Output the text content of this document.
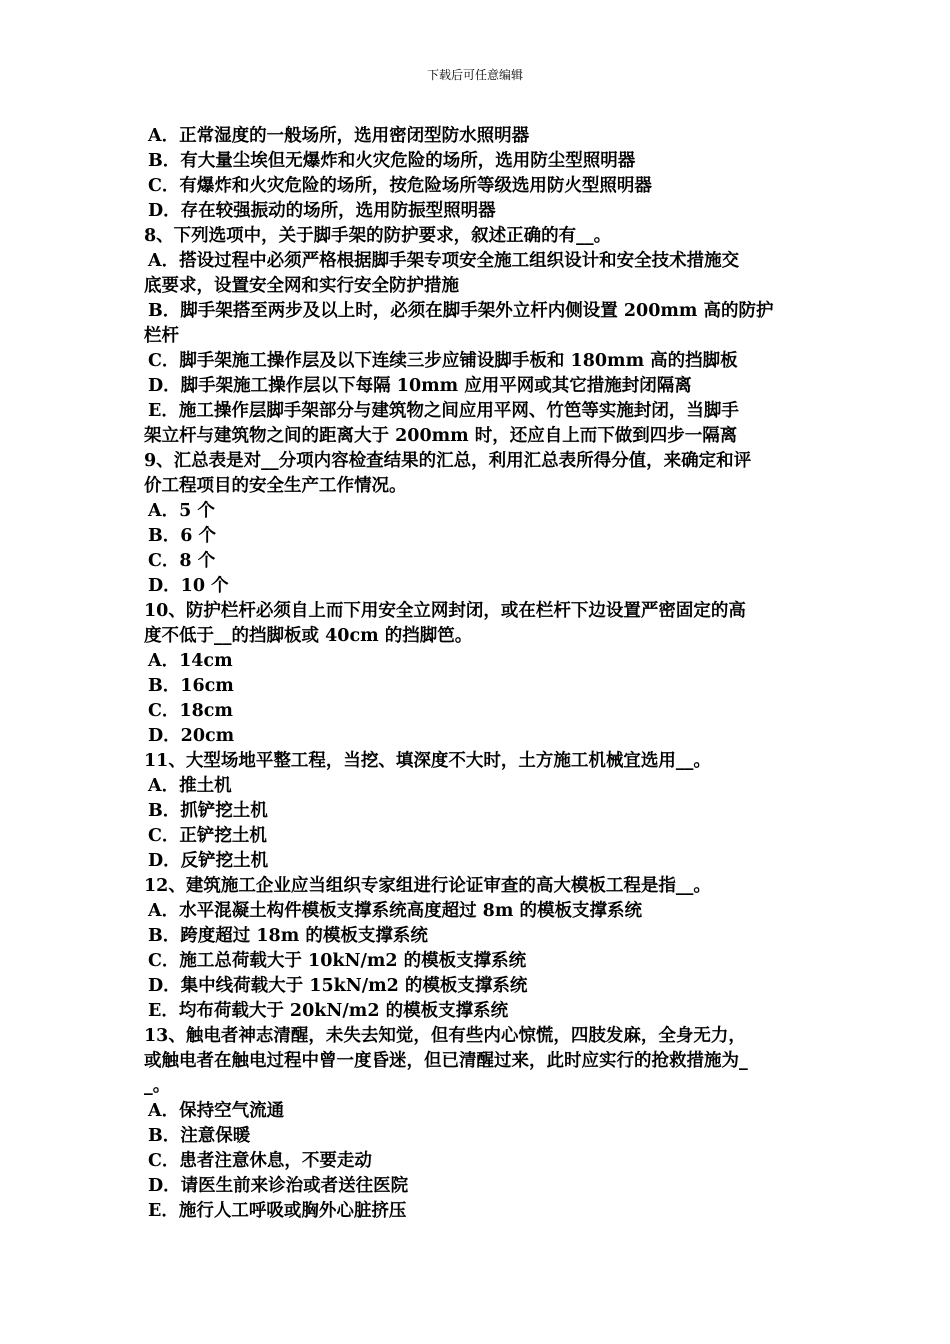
下载后可任意编辑
A．正常湿度的一般场所，选用密闭型防水照明器
B．有大量尘埃但无爆炸和火灾危险的场所，选用防尘型照明器
C．有爆炸和火灾危险的场所，按危险场所等级选用防火型照明器
D．存在较强振动的场所，选用防振型照明器
8、下列选项中，关于脚手架的防护要求，叙述正确的有__。
A．搭设过程中必须严格根据脚手架专项安全施工组织设计和安全技术措施交
底要求，设置安全网和实行安全防护措施
B．脚手架搭至两步及以上时，必须在脚手架外立杆内侧设置 200mm 高的防护
栏杆
C．脚手架施工操作层及以下连续三步应铺设脚手板和 180mm 高的挡脚板
D．脚手架施工操作层以下每隔 10mm 应用平网或其它措施封闭隔离
E．施工操作层脚手架部分与建筑物之间应用平网、竹笆等实施封闭，当脚手
架立杆与建筑物之间的距离大于 200mm 时，还应自上而下做到四步一隔离
9、汇总表是对__分项内容检查结果的汇总，利用汇总表所得分值，来确定和评
价工程项目的安全生产工作情况。
A．5 个
B．6 个
C．8 个
D．10 个
10、防护栏杆必须自上而下用安全立网封闭，或在栏杆下边设置严密固定的高
度不低于__的挡脚板或 40cm 的挡脚笆。
A．14cm
B．16cm
C．18cm
D．20cm
11、大型场地平整工程，当挖、填深度不大时，土方施工机械宜选用__。
A．推土机
B．抓铲挖土机
C．正铲挖土机
D．反铲挖土机
12、建筑施工企业应当组织专家组进行论证审查的高大模板工程是指__。
A．水平混凝土构件模板支撑系统高度超过 8m 的模板支撑系统
B．跨度超过 18m 的模板支撑系统
C．施工总荷载大于 10kN/m2 的模板支撑系统
D．集中线荷载大于 15kN/m2 的模板支撑系统
E．均布荷载大于 20kN/m2 的模板支撑系统
13、触电者神志清醒，未失去知觉，但有些内心惊慌，四肢发麻，全身无力，
或触电者在触电过程中曾一度昏迷，但已清醒过来，此时应实行的抢救措施为_
_。
A．保持空气流通
B．注意保暖
C．患者注意休息，不要走动
D．请医生前来诊治或者送往医院
E．施行人工呼吸或胸外心脏挤压
